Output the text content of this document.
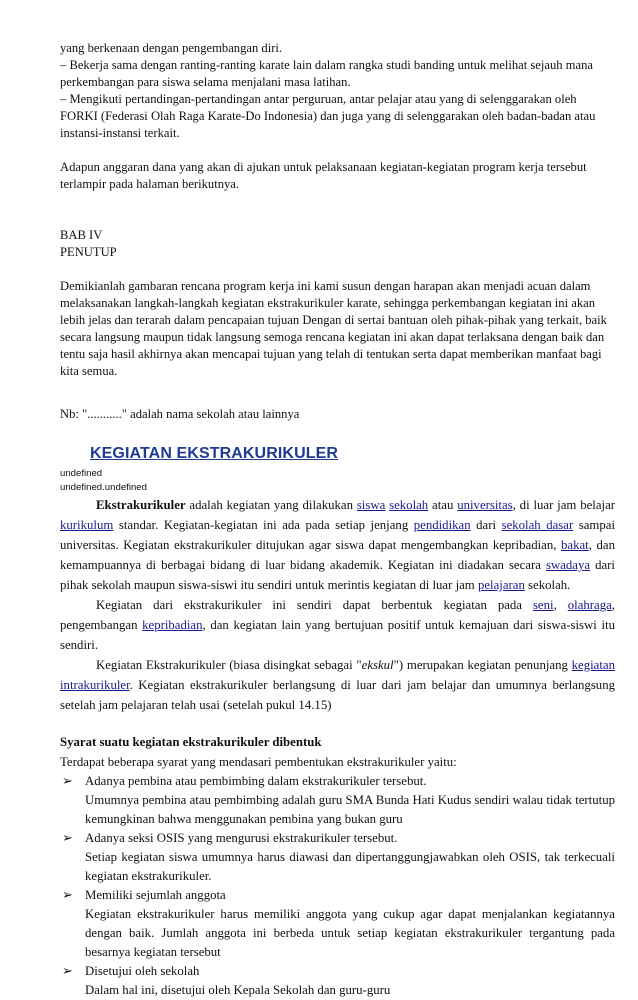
yang berkenaan dengan pengembangan diri.

– Bekerja sama dengan ranting-ranting karate lain dalam rangka studi banding untuk melihat sejauh mana

perkembangan para siswa selama menjalani masa latihan.

– Mengikuti pertandingan-pertandingan antar perguruan, antar pelajar atau yang di selenggarakan oleh

FORKI (Federasi Olah Raga Karate-Do Indonesia) dan juga yang di selenggarakan oleh badan-badan atau

instansi-instansi terkait.

Adapun anggaran dana yang akan di ajukan untuk pelaksanaan kegiatan-kegiatan program kerja tersebut

terlampir pada halaman berikutnya.

BAB IV

PENUTUP

Demikianlah gambaran rencana program kerja ini kami susun dengan harapan akan menjadi acuan dalam

melaksanakan langkah-langkah kegiatan ekstrakurikuler karate, sehingga perkembangan kegiatan ini akan

lebih jelas dan terarah dalam pencapaian tujuan Dengan di sertai bantuan oleh pihak-pihak yang terkait, baik

secara langsung maupun tidak langsung semoga rencana kegiatan ini akan dapat terlaksana dengan baik dan

tentu saja hasil akhirnya akan mencapai tujuan yang telah di tentukan serta dapat memberikan manfaat bagi

kita semua.

Nb: "..........." adalah nama sekolah atau lainnya

KEGIATAN EKSTRAKURIKULER

undefined

undefined.undefined

Ekstrakurikuler adalah kegiatan yang dilakukan siswa sekolah atau universitas, di luar jam belajar kurikulum standar. Kegiatan-kegiatan ini ada pada setiap jenjang pendidikan dari sekolah dasar sampai universitas. Kegiatan ekstrakurikuler ditujukan agar siswa dapat mengembangkan kepribadian, bakat, dan kemampuannya di berbagai bidang di luar bidang akademik. Kegiatan ini diadakan secara swadaya dari pihak sekolah maupun siswa-siswi itu sendiri untuk merintis kegiatan di luar jam pelajaran sekolah.

Kegiatan dari ekstrakurikuler ini sendiri dapat berbentuk kegiatan pada seni, olahraga, pengembangan kepribadian, dan kegiatan lain yang bertujuan positif untuk kemajuan dari siswa-siswi itu sendiri.

Kegiatan Ekstrakurikuler (biasa disingkat sebagai "ekskul") merupakan kegiatan penunjang kegiatan intrakurikuler. Kegiatan ekstrakurikuler berlangsung di luar dari jam belajar dan umumnya berlangsung setelah jam pelajaran telah usai (setelah pukul 14.15)

Syarat suatu kegiatan ekstrakurikuler dibentuk

Terdapat beberapa syarat yang mendasari pembentukan ekstrakurikuler yaitu:

➢ Adanya pembina atau pembimbing dalam ekstrakurikuler tersebut.

Umumnya pembina atau pembimbing adalah guru SMA Bunda Hati Kudus sendiri walau tidak tertutup kemungkinan bahwa menggunakan pembina yang bukan guru

➢ Adanya seksi OSIS yang mengurusi ekstrakurikuler tersebut.

Setiap kegiatan siswa umumnya harus diawasi dan dipertanggungjawabkan oleh OSIS, tak terkecuali kegiatan ekstrakurikuler.

➢ Memiliki sejumlah anggota

Kegiatan ekstrakurikuler harus memiliki anggota yang cukup agar dapat menjalankan kegiatannya dengan baik. Jumlah anggota ini berbeda untuk setiap kegiatan ekstrakurikuler tergantung pada besarnya kegiatan tersebut

➢ Disetujui oleh sekolah

Dalam hal ini, disetujui oleh Kepala Sekolah dan guru-guru
